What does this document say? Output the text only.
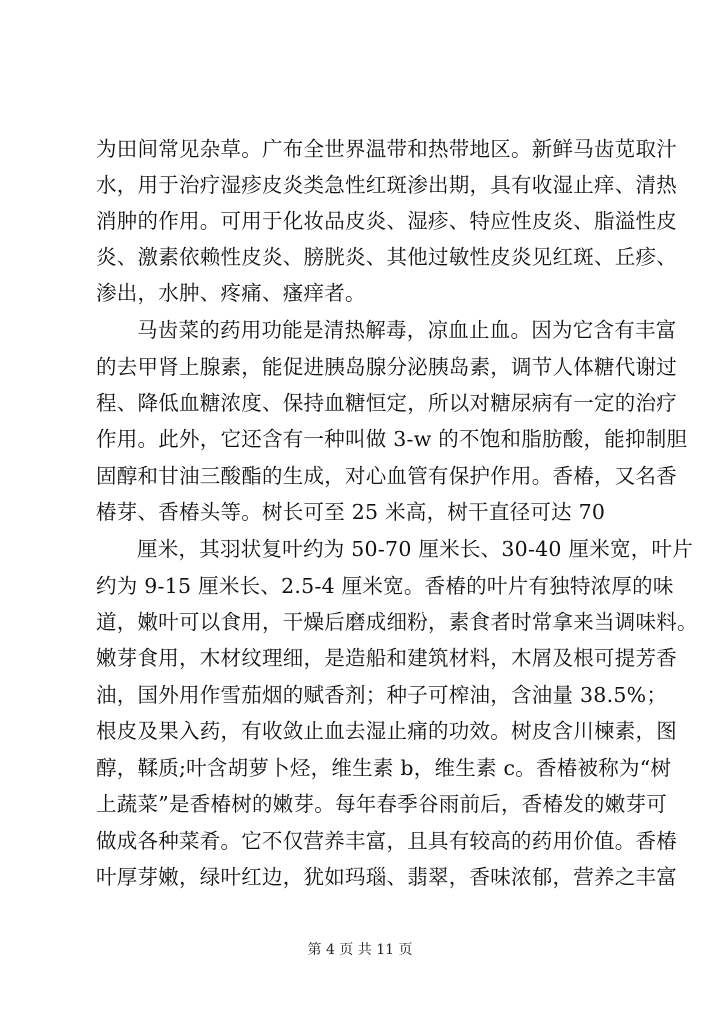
为田间常见杂草。广布全世界温带和热带地区。新鲜马齿苋取汁
水，用于治疗湿疹皮炎类急性红斑渗出期，具有收湿止痒、清热
消肿的作用。可用于化妆品皮炎、湿疹、特应性皮炎、脂溢性皮
炎、激素依赖性皮炎、膀胱炎、其他过敏性皮炎见红斑、丘疹、
渗出，水肿、疼痛、瘙痒者。
马齿菜的药用功能是清热解毒，凉血止血。因为它含有丰富
的去甲肾上腺素，能促进胰岛腺分泌胰岛素，调节人体糖代谢过
程、降低血糖浓度、保持血糖恒定，所以对糖尿病有一定的治疗
作用。此外，它还含有一种叫做 3-w 的不饱和脂肪酸，能抑制胆
固醇和甘油三酸酯的生成，对心血管有保护作用。香椿，又名香
椿芽、香椿头等。树长可至 25 米高，树干直径可达 70
厘米，其羽状复叶约为 50-70 厘米长、30-40 厘米宽，叶片
约为 9-15 厘米长、2.5-4 厘米宽。香椿的叶片有独特浓厚的味
道，嫩叶可以食用，干燥后磨成细粉，素食者时常拿来当调味料。
嫩芽食用，木材纹理细，是造船和建筑材料，木屑及根可提芳香
油，国外用作雪茄烟的赋香剂；种子可榨油，含油量 38.5%；
根皮及果入药，有收敛止血去湿止痛的功效。树皮含川楝素，图
醇，鞣质;叶含胡萝卜烃，维生素 b，维生素 c。香椿被称为“树
上蔬菜”是香椿树的嫩芽。每年春季谷雨前后，香椿发的嫩芽可
做成各种菜肴。它不仅营养丰富，且具有较高的药用价值。香椿
叶厚芽嫩，绿叶红边，犹如玛瑙、翡翠，香味浓郁，营养之丰富
第 4 页 共 11 页
